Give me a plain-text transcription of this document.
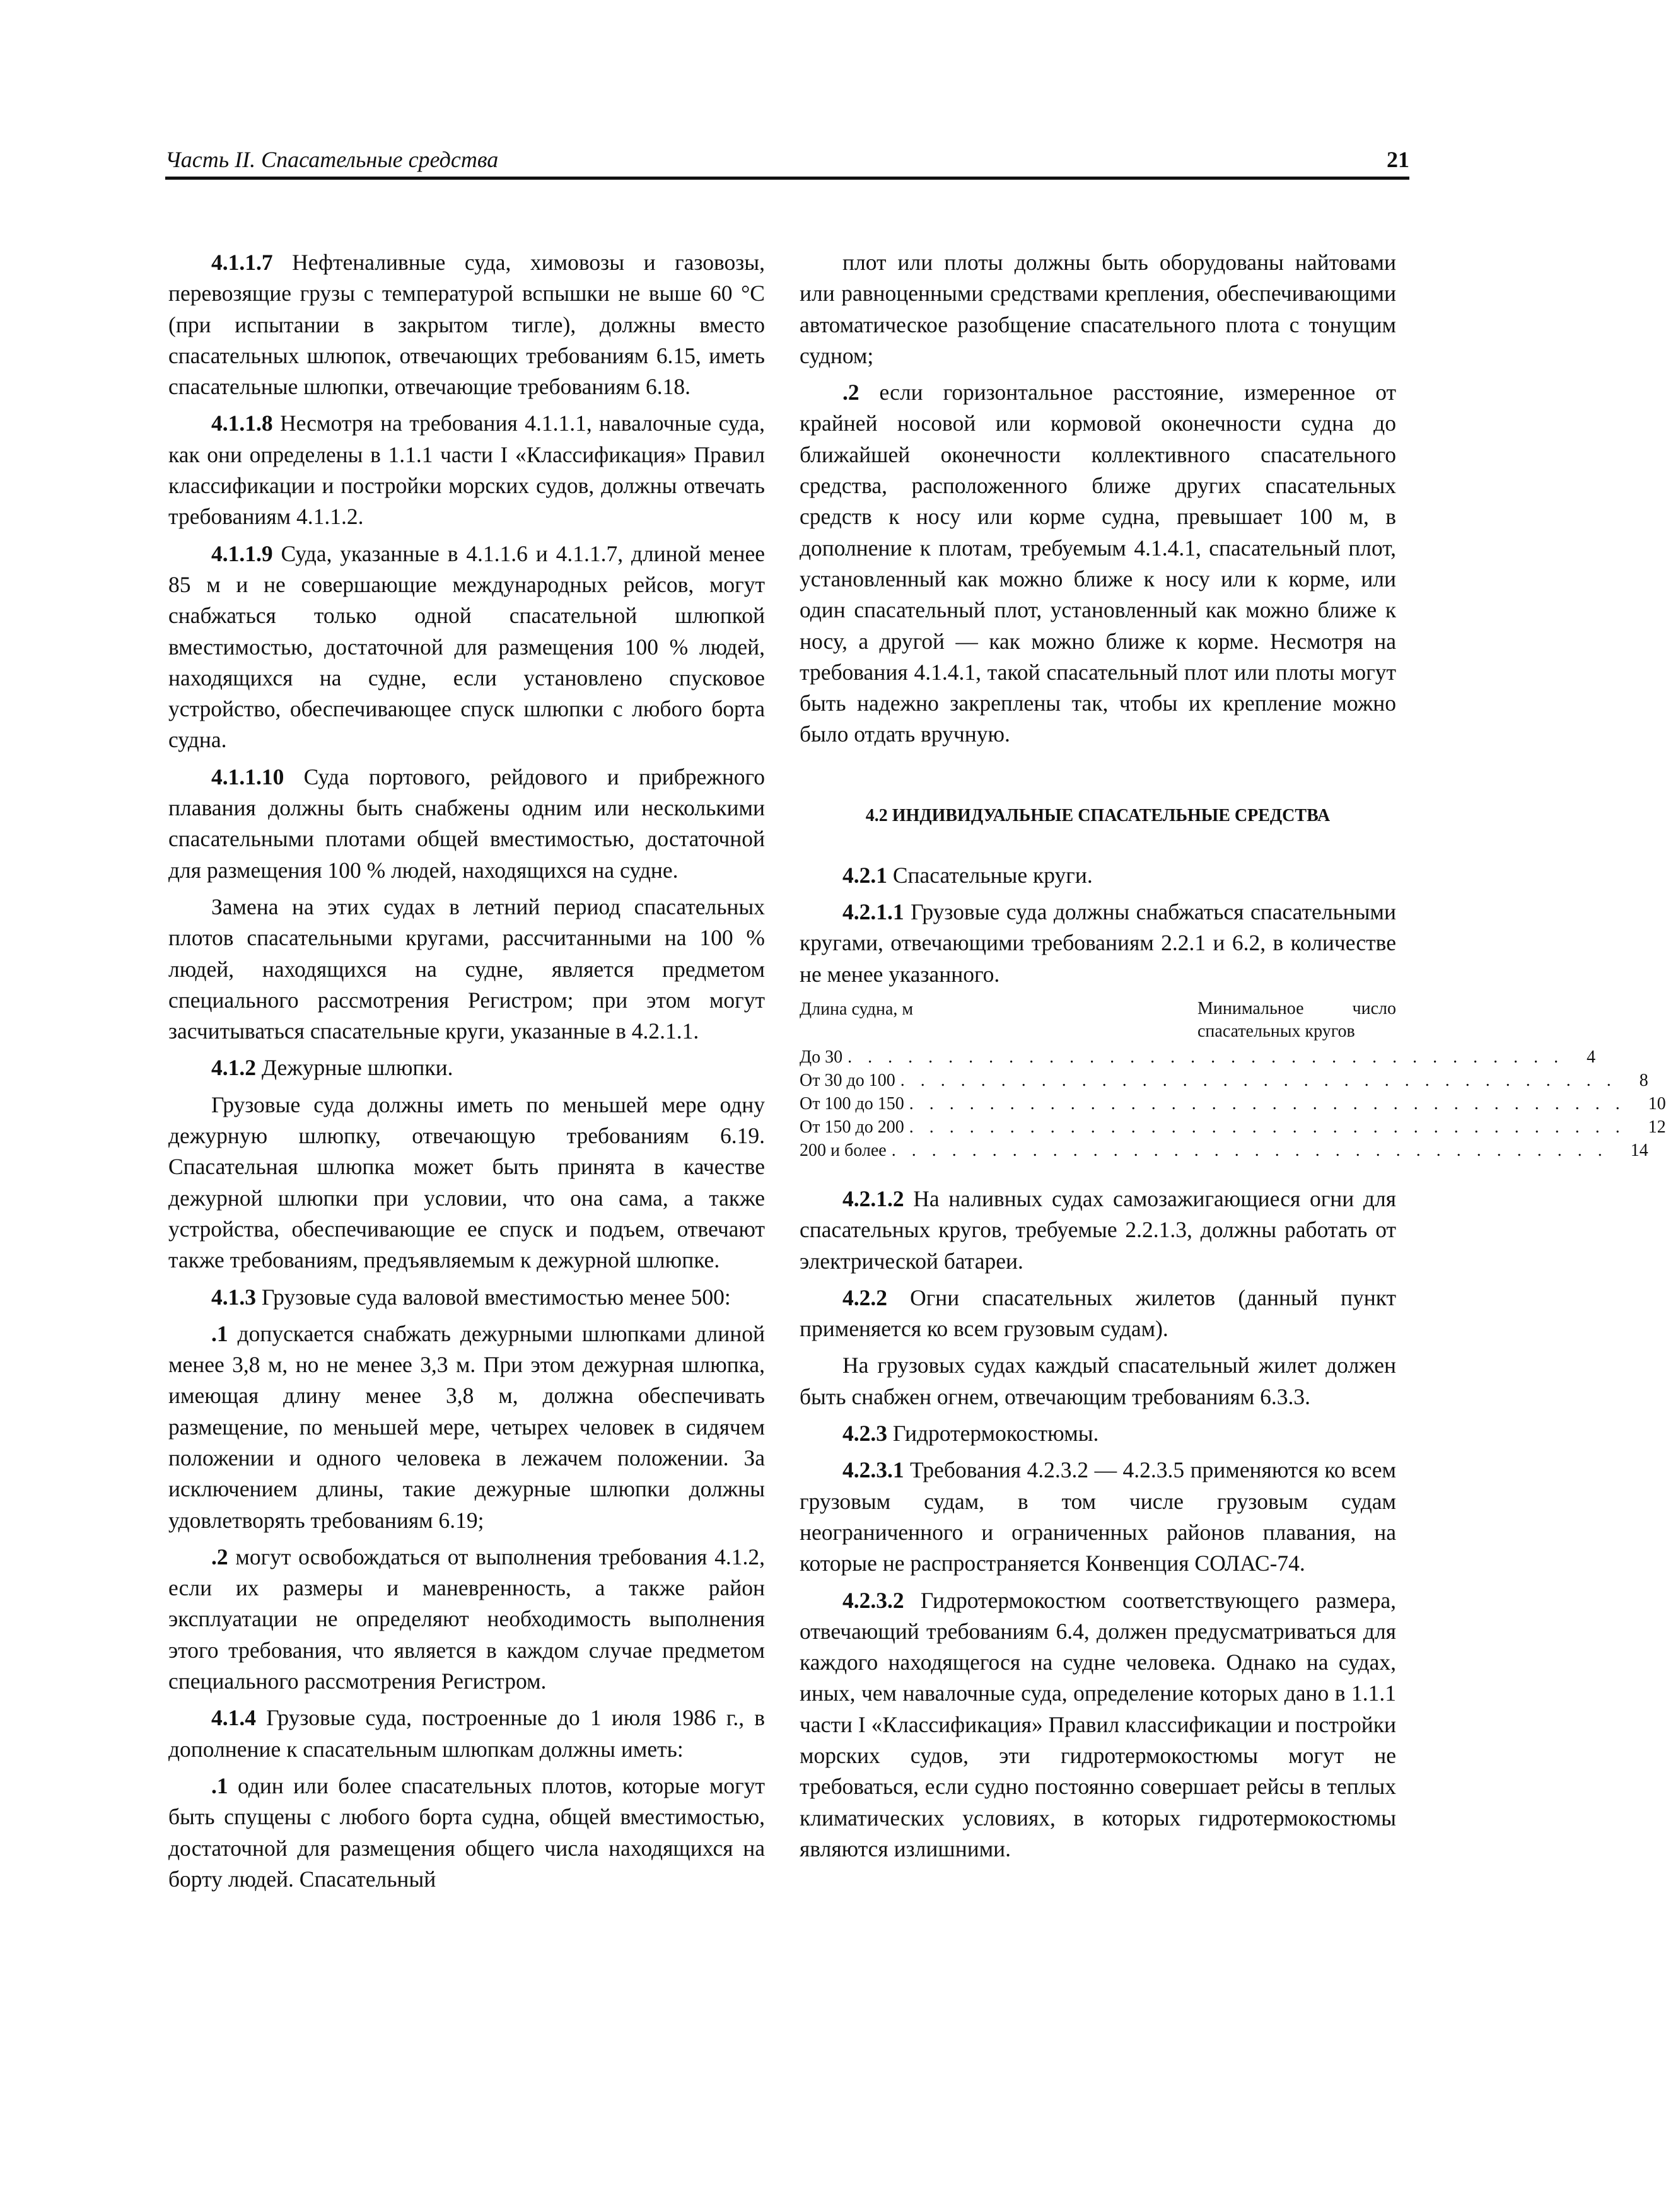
Часть II. Спасательные средства	21

4.1.1.7 Нефтеналивные суда, химовозы и газовозы, перевозящие грузы с температурой вспышки не выше 60 °С (при испытании в закрытом тигле), должны вместо спасательных шлюпок, отвечающих требованиям 6.15, иметь спасательные шлюпки, отвечающие требованиям 6.18.

4.1.1.8 Несмотря на требования 4.1.1.1, навалочные суда, как они определены в 1.1.1 части I «Классификация» Правил классификации и постройки морских судов, должны отвечать требованиям 4.1.1.2.

4.1.1.9 Суда, указанные в 4.1.1.6 и 4.1.1.7, длиной менее 85 м и не совершающие международных рейсов, могут снабжаться только одной спасательной шлюпкой вместимостью, достаточной для размещения 100 % людей, находящихся на судне, если установлено спусковое устройство, обеспечивающее спуск шлюпки с любого борта судна.

4.1.1.10 Суда портового, рейдового и прибрежного плавания должны быть снабжены одним или несколькими спасательными плотами общей вместимостью, достаточной для размещения 100 % людей, находящихся на судне.

Замена на этих судах в летний период спасательных плотов спасательными кругами, рассчитанными на 100 % людей, находящихся на судне, является предметом специального рассмотрения Регистром; при этом могут засчитываться спасательные круги, указанные в 4.2.1.1.

4.1.2 Дежурные шлюпки.

Грузовые суда должны иметь по меньшей мере одну дежурную шлюпку, отвечающую требованиям 6.19. Спасательная шлюпка может быть принята в качестве дежурной шлюпки при условии, что она сама, а также устройства, обеспечивающие ее спуск и подъем, отвечают также требованиям, предъявляемым к дежурной шлюпке.

4.1.3 Грузовые суда валовой вместимостью менее 500:

.1 допускается снабжать дежурными шлюпками длиной менее 3,8 м, но не менее 3,3 м. При этом дежурная шлюпка, имеющая длину менее 3,8 м, должна обеспечивать размещение, по меньшей мере, четырех человек в сидячем положении и одного человека в лежачем положении. За исключением длины, такие дежурные шлюпки должны удовлетворять требованиям 6.19;

.2 могут освобождаться от выполнения требования 4.1.2, если их размеры и маневренность, а также район эксплуатации не определяют необходимость выполнения этого требования, что является в каждом случае предметом специального рассмотрения Регистром.

4.1.4 Грузовые суда, построенные до 1 июля 1986 г., в дополнение к спасательным шлюпкам должны иметь:

.1 один или более спасательных плотов, которые могут быть спущены с любого борта судна, общей вместимостью, достаточной для размещения общего числа находящихся на борту людей. Спасательный

плот или плоты должны быть оборудованы найтовами или равноценными средствами крепления, обеспечивающими автоматическое разобщение спасательного плота с тонущим судном;

.2 если горизонтальное расстояние, измеренное от крайней носовой или кормовой оконечности судна до ближайшей оконечности коллективного спасательного средства, расположенного ближе других спасательных средств к носу или корме судна, превышает 100 м, в дополнение к плотам, требуемым 4.1.4.1, спасательный плот, установленный как можно ближе к носу или к корме, или один спасательный плот, установленный как можно ближе к носу, а другой — как можно ближе к корме. Несмотря на требования 4.1.4.1, такой спасательный плот или плоты могут быть надежно закреплены так, чтобы их крепление можно было отдать вручную.

4.2 ИНДИВИДУАЛЬНЫЕ СПАСАТЕЛЬНЫЕ СРЕДСТВА

4.2.1 Спасательные круги.

4.2.1.1 Грузовые суда должны снабжаться спасательными кругами, отвечающими требованиям 2.2.1 и 6.2, в количестве не менее указанного.

Длина судна, м	Минимальное число спасательных кругов
До 30 . . . . . . . . . . . . . . . . . . . . . . . . . . . . . . . . . . . .	4
От 30 до 100 . . . . . . . . . . . . . . . . . . . . . . . . . . . . . . . . . . . .	8
От 100 до 150 . . . . . . . . . . . . . . . . . . . . . . . . . . . . . . . . . . . .	10
От 150 до 200 . . . . . . . . . . . . . . . . . . . . . . . . . . . . . . . . . . . .	12
200 и более . . . . . . . . . . . . . . . . . . . . . . . . . . . . . . . . . . . .	14

4.2.1.2 На наливных судах самозажигающиеся огни для спасательных кругов, требуемые 2.2.1.3, должны работать от электрической батареи.

4.2.2 Огни спасательных жилетов (данный пункт применяется ко всем грузовым судам).

На грузовых судах каждый спасательный жилет должен быть снабжен огнем, отвечающим требованиям 6.3.3.

4.2.3 Гидротермокостюмы.

4.2.3.1 Требования 4.2.3.2 — 4.2.3.5 применяются ко всем грузовым судам, в том числе грузовым судам неограниченного и ограниченных районов плавания, на которые не распространяется Конвенция СОЛАС-74.

4.2.3.2 Гидротермокостюм соответствующего размера, отвечающий требованиям 6.4, должен предусматриваться для каждого находящегося на судне человека. Однако на судах, иных, чем навалочные суда, определение которых дано в 1.1.1 части I «Классификация» Правил классификации и постройки морских судов, эти гидротермокостюмы могут не требоваться, если судно постоянно совершает рейсы в теплых климатических условиях, в которых гидротермокостюмы являются излишними.
